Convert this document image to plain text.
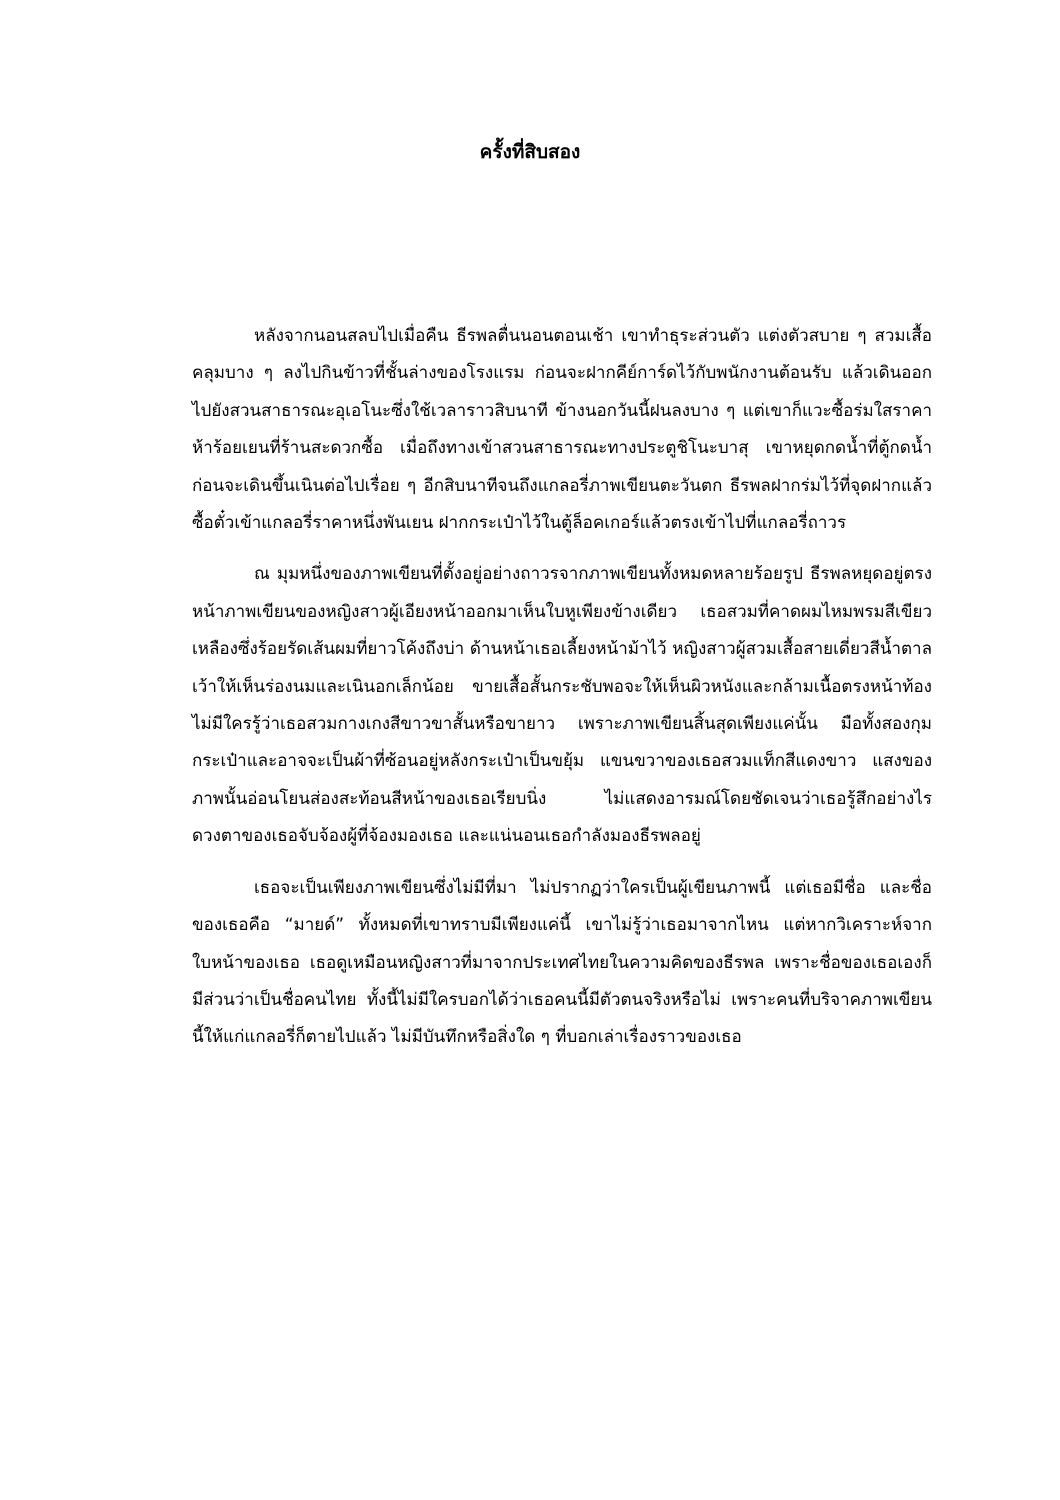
ครั้งที่สิบสอง

หลังจากนอนสลบไปเมื่อคืน ธีรพลตื่นนอนตอนเช้า เขาทำธุระส่วนตัว แต่งตัวสบาย ๆ สวมเสื้อคลุมบาง ๆ ลงไปกินข้าวที่ชั้นล่างของโรงแรม ก่อนจะฝากคีย์การ์ดไว้กับพนักงานต้อนรับ แล้วเดินออกไปยังสวนสาธารณะอุเอโนะซึ่งใช้เวลาราวสิบนาที ข้างนอกวันนี้ฝนลงบาง ๆ แต่เขาก็แวะซื้อร่มใสราคาห้าร้อยเยนที่ร้านสะดวกซื้อ เมื่อถึงทางเข้าสวนสาธารณะทางประตูชิโนะบาสุ เขาหยุดกดน้ำที่ตู้กดน้ำก่อนจะเดินขึ้นเนินต่อไปเรื่อย ๆ อีกสิบนาทีจนถึงแกลอรี่ภาพเขียนตะวันตก ธีรพลฝากร่มไว้ที่จุดฝากแล้วซื้อตั๋วเข้าแกลอรี่ราคาหนึ่งพันเยน ฝากกระเป๋าไว้ในตู้ล็อคเกอร์แล้วตรงเข้าไปที่แกลอรี่ถาวร

ณ มุมหนึ่งของภาพเขียนที่ตั้งอยู่อย่างถาวรจากภาพเขียนทั้งหมดหลายร้อยรูป ธีรพลหยุดอยู่ตรงหน้าภาพเขียนของหญิงสาวผู้เอียงหน้าออกมาเห็นใบหูเพียงข้างเดียว เธอสวมที่คาดผมไหมพรมสีเขียวเหลืองซึ่งร้อยรัดเส้นผมที่ยาวโค้งถึงบ่า ด้านหน้าเธอเลี้ยงหน้าม้าไว้ หญิงสาวผู้สวมเสื้อสายเดี่ยวสีน้ำตาลเว้าให้เห็นร่องนมและเนินอกเล็กน้อย ขายเสื้อสั้นกระชับพอจะให้เห็นผิวหนังและกล้ามเนื้อตรงหน้าท้อง ไม่มีใครรู้ว่าเธอสวมกางเกงสีขาวขาสั้นหรือขายาว เพราะภาพเขียนสิ้นสุดเพียงแค่นั้น มือทั้งสองกุมกระเป๋าและอาจจะเป็นผ้าที่ซ้อนอยู่หลังกระเป๋าเป็นขยุ้ม แขนขวาของเธอสวมแท็กสีแดงขาว แสงของภาพนั้นอ่อนโยนส่องสะท้อนสีหน้าของเธอเรียบนิ่ง ไม่แสดงอารมณ์โดยชัดเจนว่าเธอรู้สึกอย่างไร ดวงตาของเธอจับจ้องผู้ที่จ้องมองเธอ และแน่นอนเธอกำลังมองธีรพลอยู่

เธอจะเป็นเพียงภาพเขียนซึ่งไม่มีที่มา ไม่ปรากฏว่าใครเป็นผู้เขียนภาพนี้ แต่เธอมีชื่อ และชื่อของเธอคือ “มายด์” ทั้งหมดที่เขาทราบมีเพียงแค่นี้ เขาไม่รู้ว่าเธอมาจากไหน แต่หากวิเคราะห์จากใบหน้าของเธอ เธอดูเหมือนหญิงสาวที่มาจากประเทศไทยในความคิดของธีรพล เพราะชื่อของเธอเองก็มีส่วนว่าเป็นชื่อคนไทย ทั้งนี้ไม่มีใครบอกได้ว่าเธอคนนี้มีตัวตนจริงหรือไม่ เพราะคนที่บริจาคภาพเขียนนี้ให้แก่แกลอรี่ก็ตายไปแล้ว ไม่มีบันทึกหรือสิ่งใด ๆ ที่บอกเล่าเรื่องราวของเธอ
